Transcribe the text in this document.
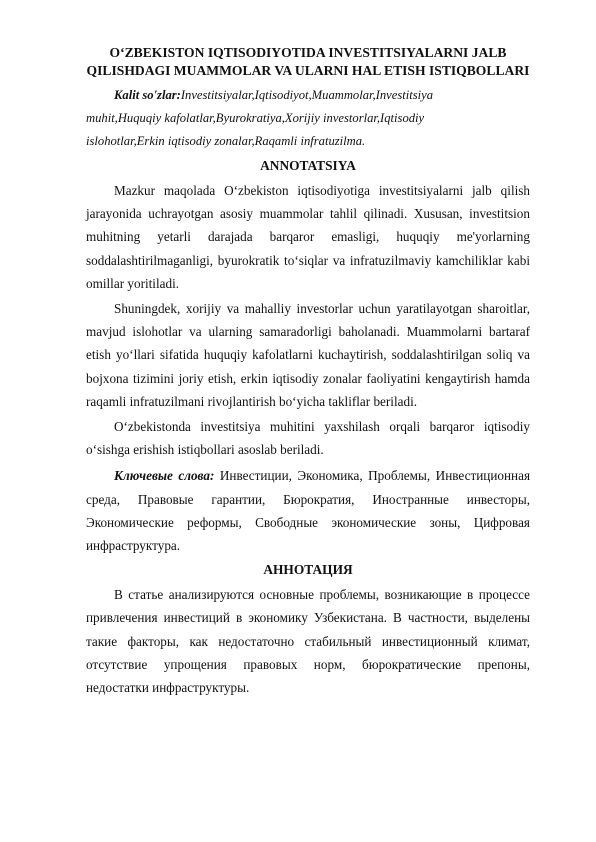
O‘ZBEKISTON IQTISODIYOTIDA INVESTITSIYALARNI JALB QILISHDAGI MUAMMOLAR VA ULARNI HAL ETISH ISTIQBOLLARI

Kalit so'zlar:Investitsiyalar,Iqtisodiyot,Muammolar,Investitsiya muhit,Huquqiy kafolatlar,Byurokratiya,Xorijiy investorlar,Iqtisodiy islohotlar,Erkin iqtisodiy zonalar,Raqamli infratuzilma.

ANNOTATSIYA

Mazkur maqolada O‘zbekiston iqtisodiyotiga investitsiyalarni jalb qilish jarayonida uchrayotgan asosiy muammolar tahlil qilinadi. Xususan, investitsion muhitning yetarli darajada barqaror emasligi, huquqiy me'yorlarning soddalashtirilmaganligi, byurokratik to‘siqlar va infratuzilmaviy kamchiliklar kabi omillar yoritiladi.

Shuningdek, xorijiy va mahalliy investorlar uchun yaratilayotgan sharoitlar, mavjud islohotlar va ularning samaradorligi baholanadi. Muammolarni bartaraf etish yo‘llari sifatida huquqiy kafolatlarni kuchaytirish, soddalashtirilgan soliq va bojxona tizimini joriy etish, erkin iqtisodiy zonalar faoliyatini kengaytirish hamda raqamli infratuzilmani rivojlantirish bo‘yicha takliflar beriladi.

O‘zbekistonda investitsiya muhitini yaxshilash orqali barqaror iqtisodiy o‘sishga erishish istiqbollari asoslab beriladi.

Ключевые слова: Инвестиции, Экономика, Проблемы, Инвестиционная среда, Правовые гарантии, Бюрократия, Иностранные инвесторы, Экономические реформы, Свободные экономические зоны, Цифровая инфраструктура.

АННОТАЦИЯ

В статье анализируются основные проблемы, возникающие в процессе привлечения инвестиций в экономику Узбекистана. В частности, выделены такие факторы, как недостаточно стабильный инвестиционный климат, отсутствие упрощения правовых норм, бюрократические препоны, недостатки инфраструктуры.
